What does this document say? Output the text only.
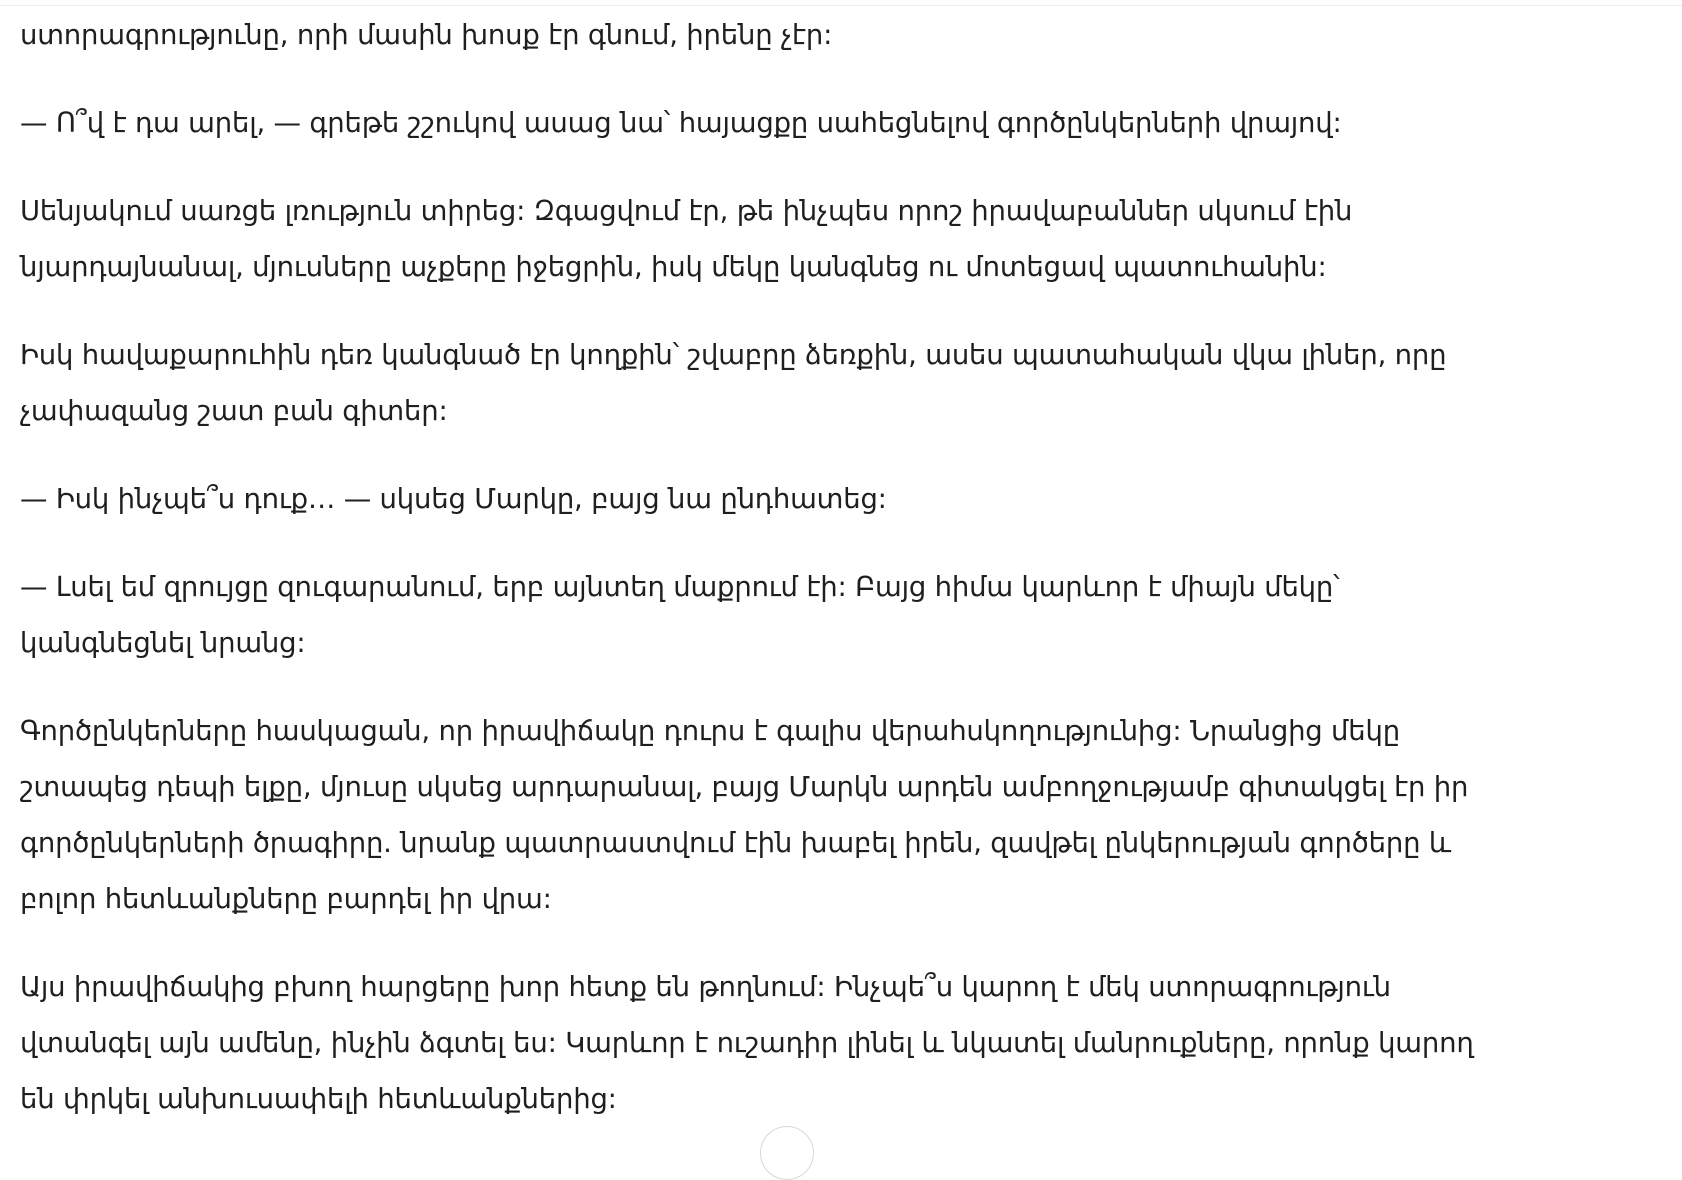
ստորագրությունը, որի մասին խոսք էր գնում, իրենը չէր:

— Ո՞վ է դա արել, — գրեթե շշուկով ասաց նա՝ հայացքը սահեցնելով գործընկերների վրայով:

Սենյակում սառցե լռություն տիրեց: Զգացվում էր, թե ինչպես որոշ իրավաբաններ սկսում էին
նյարդայնանալ, մյուսները աչքերը իջեցրին, իսկ մեկը կանգնեց ու մոտեցավ պատուհանին:

Իսկ հավաքարուհին դեռ կանգնած էր կողքին՝ շվաբրը ձեռքին, ասես պատահական վկա լիներ, որը
չափազանց շատ բան գիտեր:

— Իսկ ինչպե՞ս դուք… — սկսեց Մարկը, բայց նա ընդհատեց:

— Լսել եմ զրույցը զուգարանում, երբ այնտեղ մաքրում էի: Բայց հիմա կարևոր է միայն մեկը՝
կանգնեցնել նրանց:

Գործընկերները հասկացան, որ իրավիճակը դուրս է գալիս վերահսկողությունից: Նրանցից մեկը
շտապեց դեպի ելքը, մյուսը սկսեց արդարանալ, բայց Մարկն արդեն ամբողջությամբ գիտակցել էր իր
գործընկերների ծրագիրը. նրանք պատրաստվում էին խաբել իրեն, զավթել ընկերության գործերը և
բոլոր հետևանքները բարդել իր վրա:

Այս իրավիճակից բխող հարցերը խոր հետք են թողնում: Ինչպե՞ս կարող է մեկ ստորագրություն
վտանգել այն ամենը, ինչին ձգտել ես: Կարևոր է ուշադիր լինել և նկատել մանրուքները, որոնք կարող
են փրկել անխուսափելի հետևանքներից:
